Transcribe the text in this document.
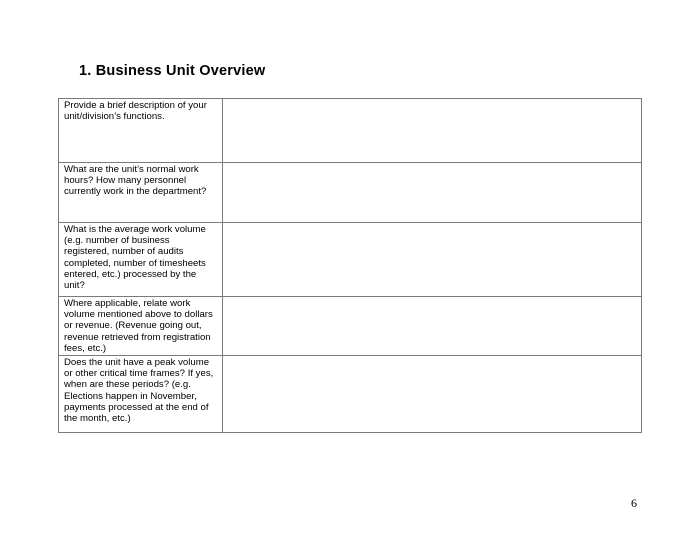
1. Business Unit Overview
Provide a brief description of your unit/division’s functions.	
What are the unit’s normal work hours? How many personnel currently work in the department?	
What is the average work volume (e.g. number of business registered, number of audits completed, number of timesheets entered, etc.) processed by the unit?	
Where applicable, relate work volume mentioned above to dollars or revenue. (Revenue going out, revenue retrieved from registration fees, etc.)	
Does the unit have a peak volume or other critical time frames? If yes, when are these periods? (e.g. Elections happen in November, payments processed at the end of the month, etc.)	
6
